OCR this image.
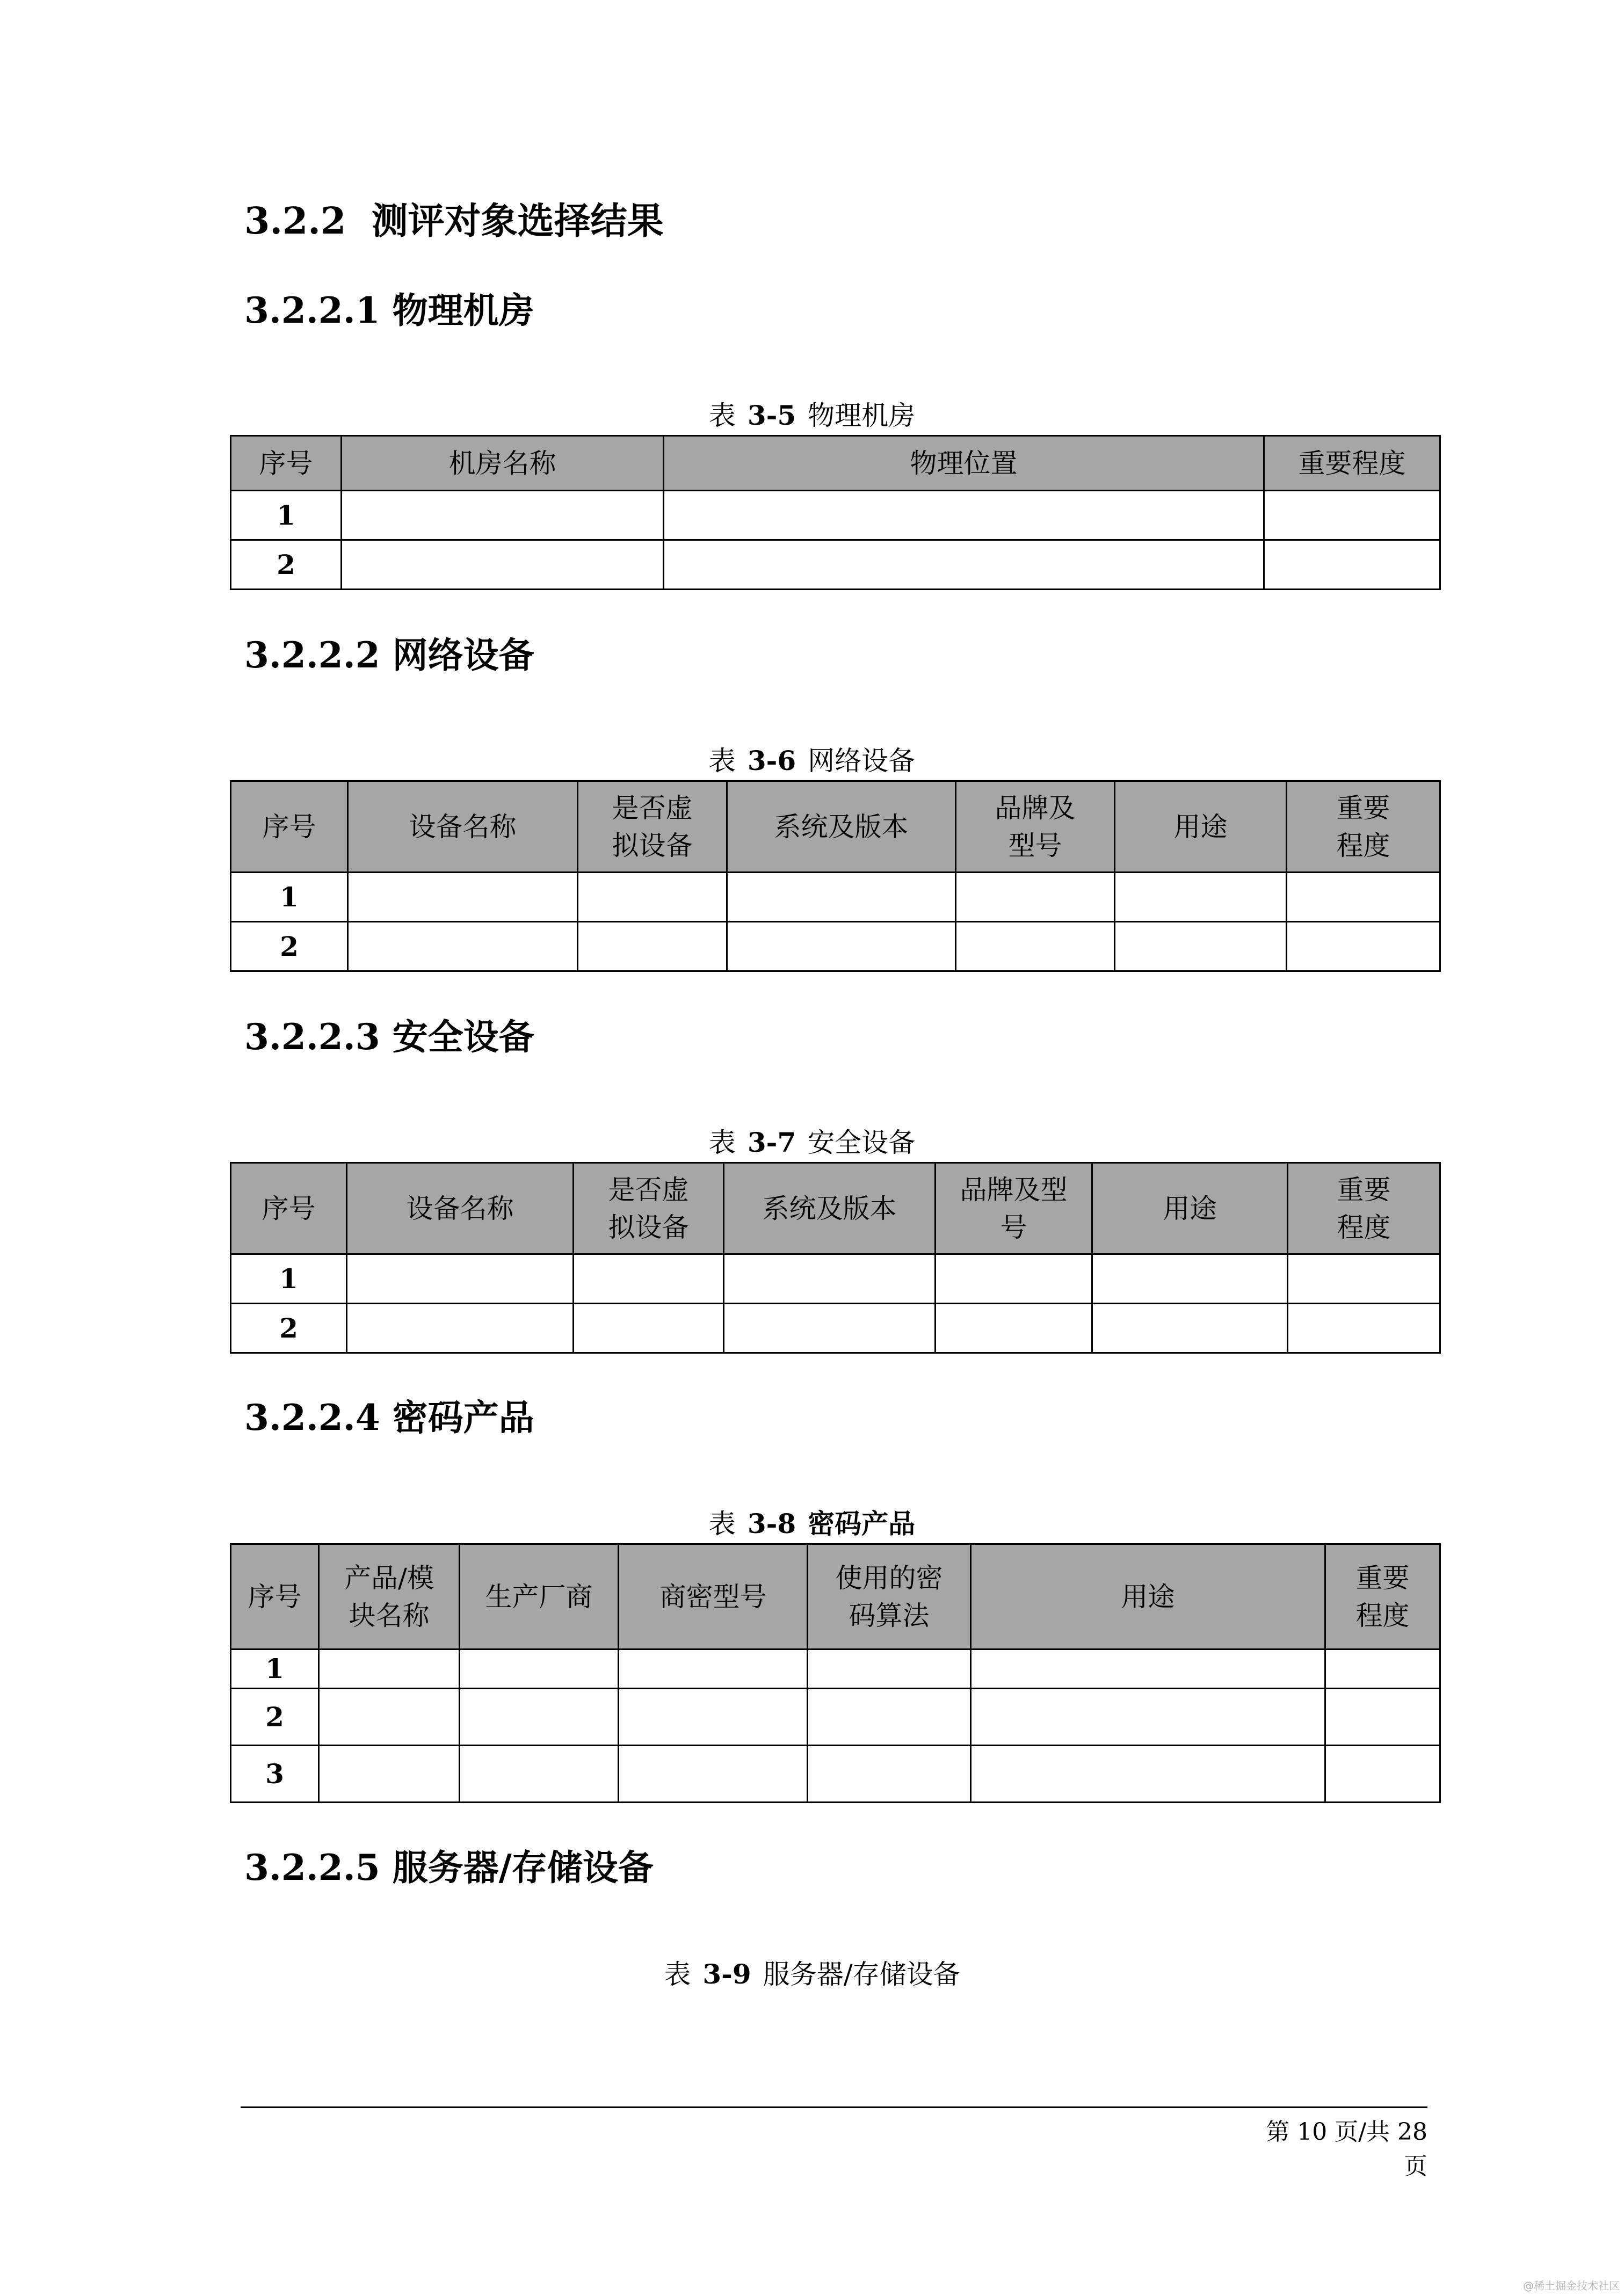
3.2.2 测评对象选择结果
3.2.2.1 物理机房
表 3-5 物理机房
序号	机房名称	物理位置	重要程度
1			
2			
3.2.2.2 网络设备
表 3-6 网络设备
序号	设备名称	是否虚拟设备	系统及版本	品牌及型号	用途	重要程度
1						
2						
3.2.2.3 安全设备
表 3-7 安全设备
序号	设备名称	是否虚拟设备	系统及版本	品牌及型号	用途	重要程度
1						
2						
3.2.2.4 密码产品
表 3-8 密码产品
序号	产品/模块名称	生产厂商	商密型号	使用的密码算法	用途	重要程度
1						
2						
3						
3.2.2.5 服务器/存储设备
表 3-9 服务器/存储设备
第 10 页/共 28 页
@稀土掘金技术社区
